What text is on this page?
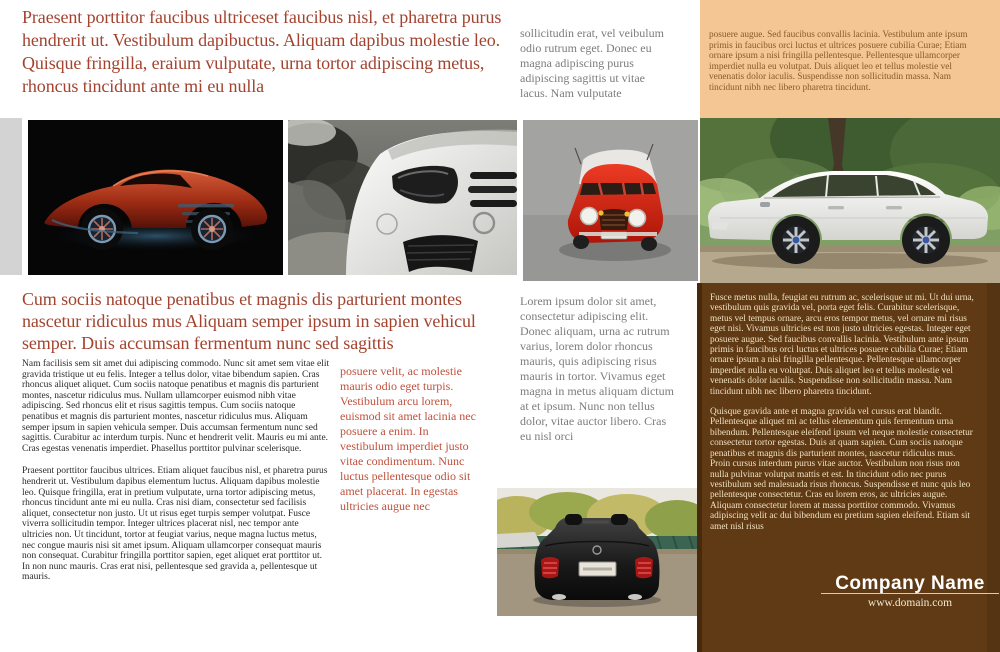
Praesent porttitor faucibus ultriceset faucibus nisl, et pharetra purus hendrerit ut. Vestibulum dapibuctus. Aliquam dapibus molestie leo. Quisque fringilla, eraium vulputate, urna tortor adipiscing metus, rhoncus tincidunt ante mi eu nulla
sollicitudin erat, vel veibulum odio rutrum eget. Donec eu magna adipiscing purus adipiscing sagittis ut vitae lacus. Nam vulputate
posuere augue. Sed faucibus convallis lacinia. Vestibulum ante ipsum primis in faucibus orci luctus et ultrices posuere cubilia Curae; Etiam ornare ipsum a nisi fringilla pellentesque. Pellentesque ullamcorper imperdiet nulla eu volutpat. Duis aliquet leo et tellus molestie vel venenatis dolor iaculis. Suspendisse non sollicitudin massa. Nam tincidunt nibh nec libero pharetra tincidunt.
Cum sociis natoque penatibus et magnis dis parturient montes nascetur ridiculus mus Aliquam semper ipsum in sapien vehicul semper. Duis accumsan fermentum nunc sed sagittis

Nam facilisis sem sit amet dui adipiscing commodo. Nunc sit amet sem vitae elit gravida tristique ut eu felis. Integer a tellus dolor, vitae bibendum sapien. Cras rhoncus aliquet aliquet. Cum sociis natoque penatibus et magnis dis parturient montes, nascetur ridiculus mus. Nullam ullamcorper euismod nibh vitae adipiscing. Sed rhoncus elit et risus sagittis tempus. Cum sociis natoque penatibus et magnis dis parturient montes, nascetur ridiculus mus. Aliquam semper ipsum in sapien vehicula semper. Duis accumsan fermentum nunc sed sagittis. Curabitur ac interdum turpis. Nunc et hendrerit velit. Mauris eu mi ante. Cras egestas venenatis imperdiet. Phasellus porttitor pulvinar scelerisque.

Praesent porttitor faucibus ultrices. Etiam aliquet faucibus nisl, et pharetra purus hendrerit ut. Vestibulum dapibus elementum luctus. Aliquam dapibus molestie leo. Quisque fringilla, erat in pretium vulputate, urna tortor adipiscing metus, rhoncus tincidunt ante mi eu nulla. Cras nisi diam, consectetur sed facilisis aliquet, consectetur non justo. Ut ut risus eget turpis semper volutpat. Fusce viverra sollicitudin tempor. Integer ultrices placerat nisl, nec tempor ante ultricies non. Ut tincidunt, tortor at feugiat varius, neque magna luctus metus, nec congue mauris nisi sit amet ipsum. Aliquam ullamcorper consequat mauris non consequat. Curabitur fringilla porttitor sapien, eget aliquet erat porttitor ut. In non nunc mauris. Cras erat nisi, pellentesque sed gravida a, pellentesque ut mauris.

posuere velit, ac molestie mauris odio eget turpis. Vestibulum arcu lorem, euismod sit amet lacinia nec posuere a enim. In vestibulum imperdiet justo vitae condimentum. Nunc luctus pellentesque odio sit amet placerat. In egestas ultricies augue nec
Lorem ipsum dolor sit amet, consectetur adipiscing elit. Donec aliquam, urna ac rutrum varius, lorem dolor rhoncus mauris, quis adipiscing risus mauris in tortor. Vivamus eget magna in metus aliquam dictum at et ipsum. Nunc non tellus dolor, vitae auctor libero. Cras eu nisl orci

Fusce metus nulla, feugiat eu rutrum ac, scelerisque ut mi. Ut dui urna, vestibulum quis gravida vel, porta eget felis. Curabitur scelerisque, metus vel tempus ornare, arcu eros tempor metus, vel ornare mi risus eget nisi. Vivamus ultricies est non justo ultricies egestas. Integer eget posuere augue. Sed faucibus convallis lacinia. Vestibulum ante ipsum primis in faucibus orci luctus et ultrices posuere cubilia Curae; Etiam ornare ipsum a nisi fringilla pellentesque. Pellentesque ullamcorper imperdiet nulla eu volutpat. Duis aliquet leo et tellus molestie vel venenatis dolor iaculis. Suspendisse non sollicitudin massa. Nam tincidunt nibh nec libero pharetra tincidunt.

Quisque gravida ante et magna gravida vel cursus erat blandit. Pellentesque aliquet mi ac tellus elementum quis fermentum urna bibendum. Pellentesque eleifend ipsum vel neque molestie consectetur consectetur tortor egestas. Duis at quam sapien. Cum sociis natoque penatibus et magnis dis parturient montes, nascetur ridiculus mus. Proin cursus interdum purus vitae auctor. Vestibulum non risus non nulla pulvinar volutpat mattis et est. In tincidunt odio nec purus vestibulum sed malesuada risus rhoncus. Suspendisse et nunc quis leo pellentesque consectetur. Cras eu lorem eros, ac ultricies augue. Aliquam consectetur lorem at massa porttitor commodo. Vivamus adipiscing velit ac dui bibendum eu pretium sapien eleifend. Etiam sit amet nisl risus

Company Name
www.domain.com
